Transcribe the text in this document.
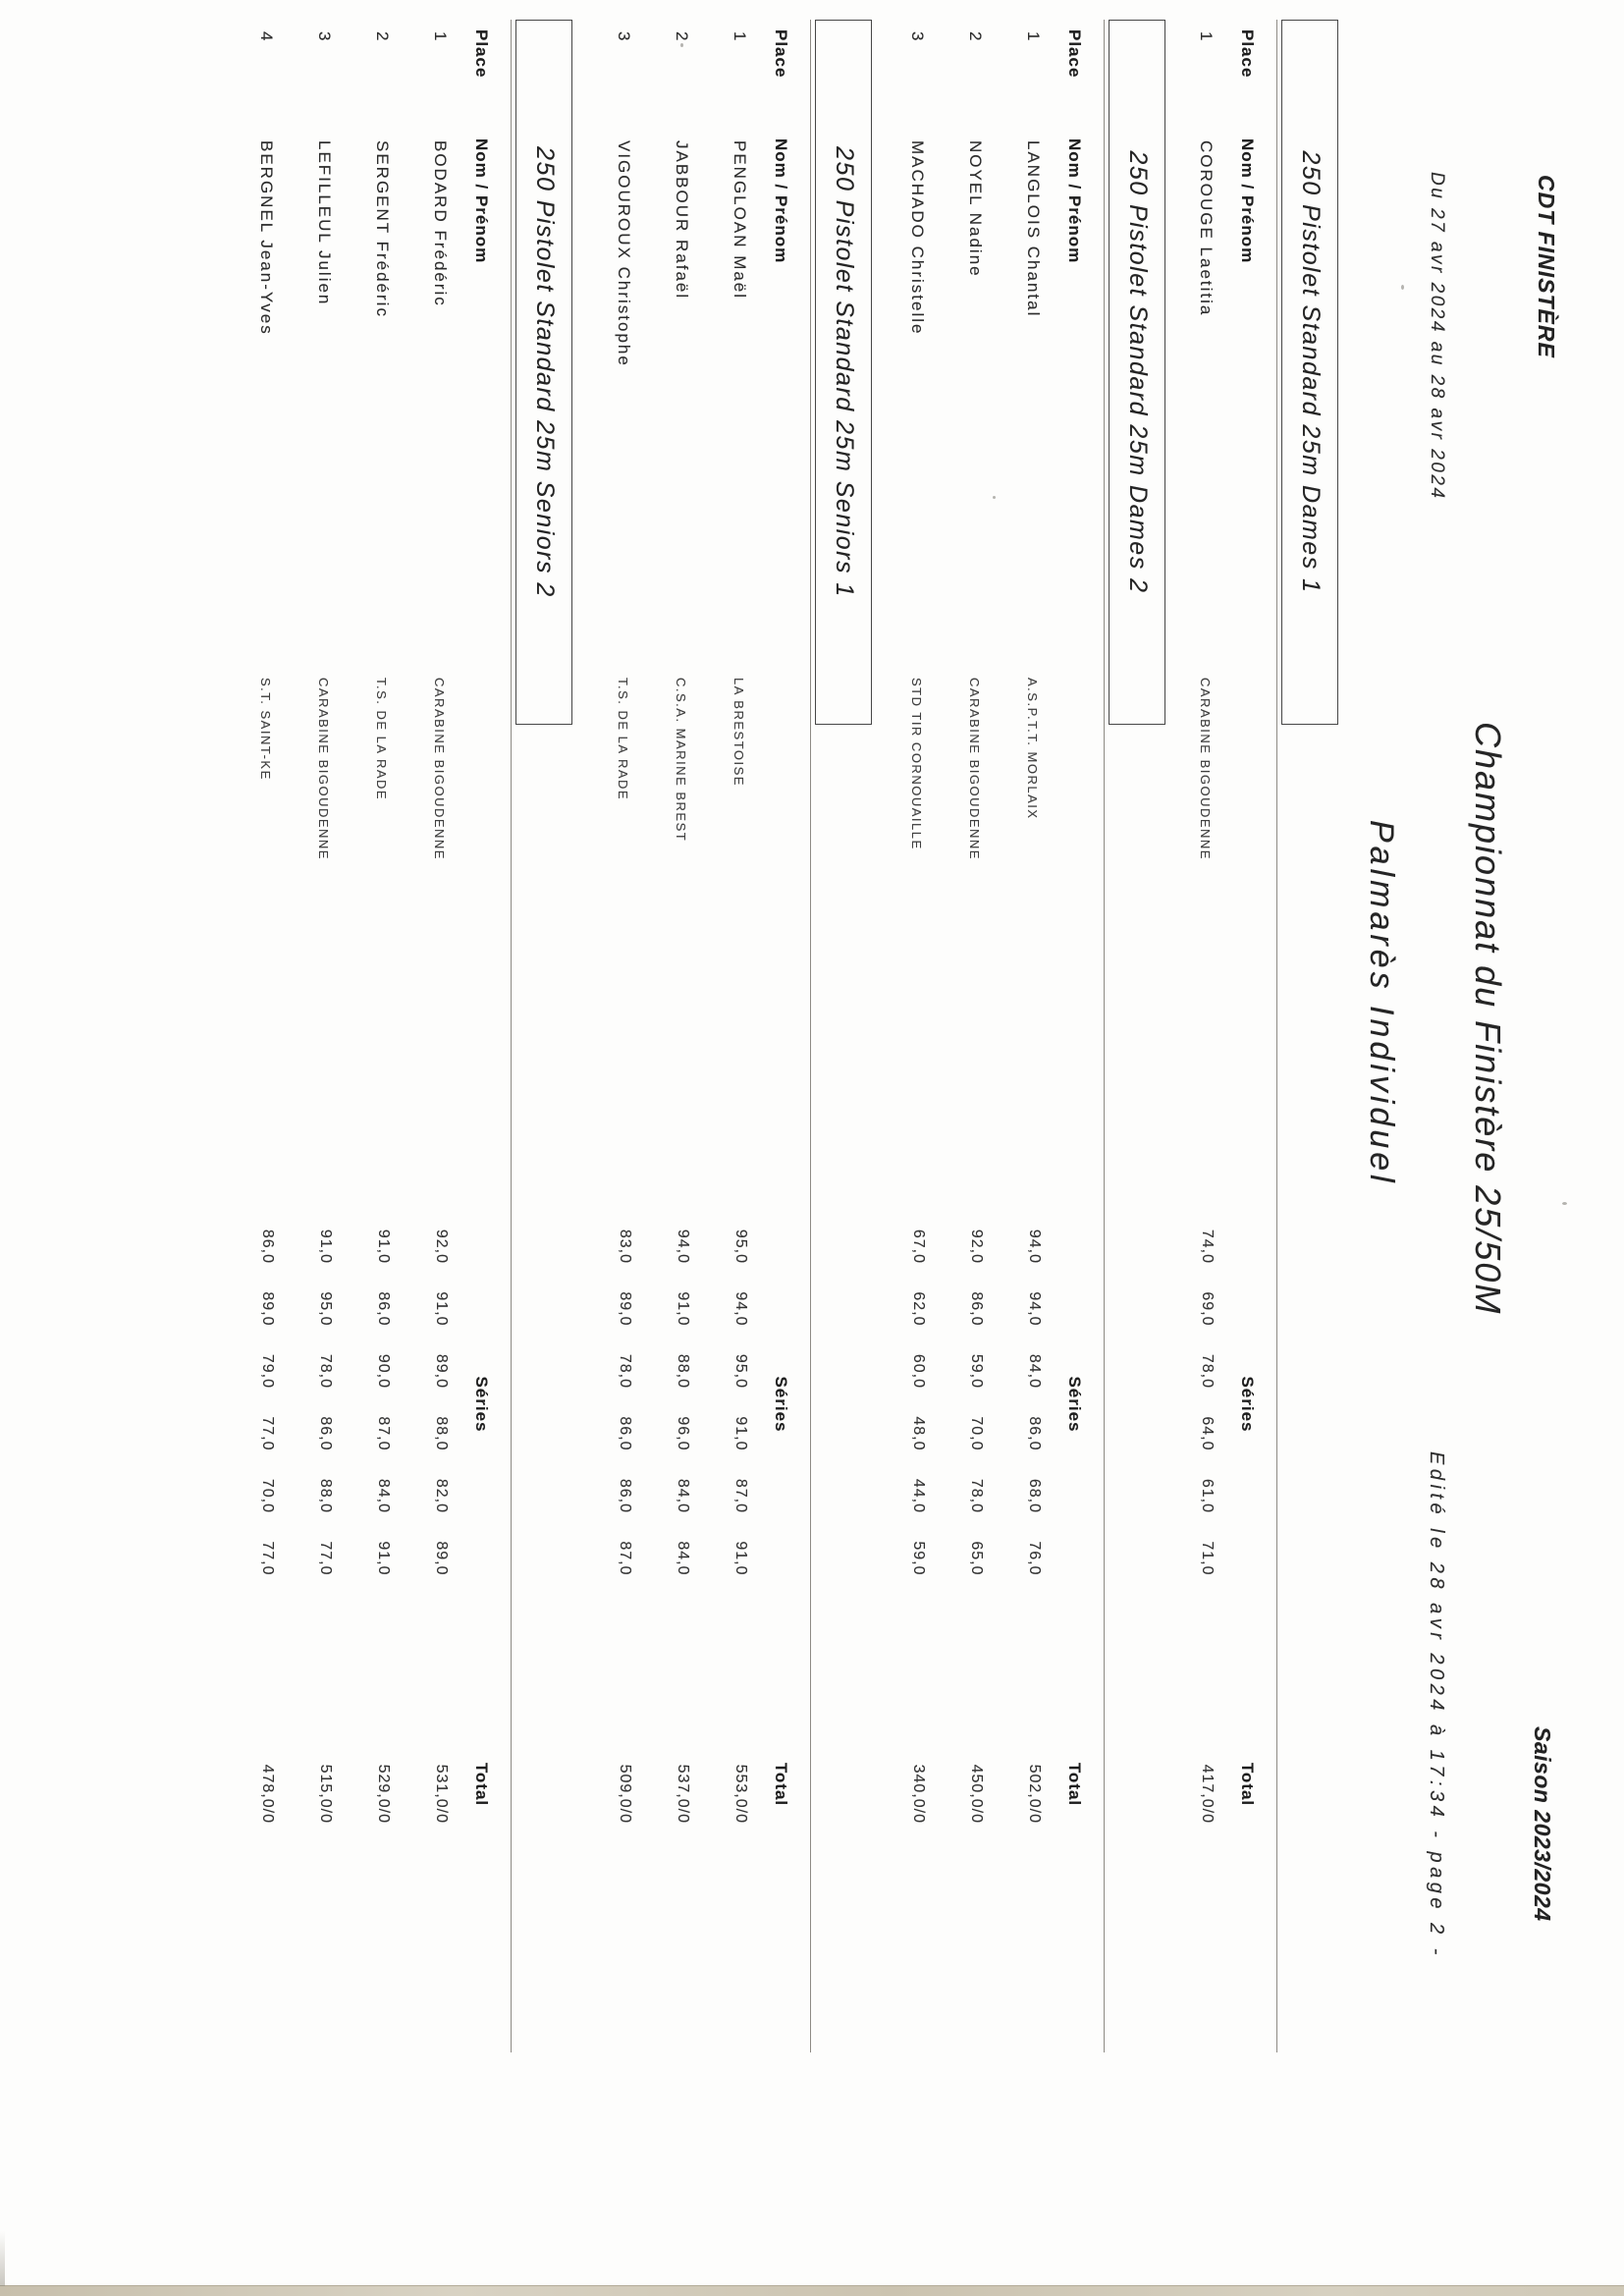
CDT FINISTÈRE
Saison 2023/2024
Championnat du Finistère 25/50M
Du 27 avr 2024 au 28 avr 2024
Edité le 28 avr 2024 à 17:34 - page 2 -
Palmarès Individuel
250 Pistolet Standard 25m Dames 1
Place
Nom / Prénom
Séries
Total
1
COROUGE Laetitia
CARABINE BIGOUDENNE
74,0
69,0
78,0
64,0
61,0
71,0
417,0/0
250 Pistolet Standard 25m Dames 2
Place
Nom / Prénom
Séries
Total
1
LANGLOIS Chantal
A.S.P.T.T. MORLAIX
94,0
94,0
84,0
86,0
68,0
76,0
502,0/0
2
NOYEL Nadine
CARABINE BIGOUDENNE
92,0
86,0
59,0
70,0
78,0
65,0
450,0/0
3
MACHADO Christelle
STD TIR CORNOUAILLE
67,0
62,0
60,0
48,0
44,0
59,0
340,0/0
250 Pistolet Standard 25m Seniors 1
Place
Nom / Prénom
Séries
Total
1
PENGLOAN Maël
LA BRESTOISE
95,0
94,0
95,0
91,0
87,0
91,0
553,0/0
2
JABBOUR Rafaël
C.S.A. MARINE BREST
94,0
91,0
88,0
96,0
84,0
84,0
537,0/0
3
VIGOUROUX Christophe
T.S. DE LA RADE
83,0
89,0
78,0
86,0
86,0
87,0
509,0/0
250 Pistolet Standard 25m Seniors 2
Place
Nom / Prénom
Séries
Total
1
BODARD Frédéric
CARABINE BIGOUDENNE
92,0
91,0
89,0
88,0
82,0
89,0
531,0/0
2
SERGENT Frédéric
T.S. DE LA RADE
91,0
86,0
90,0
87,0
84,0
91,0
529,0/0
3
LEFILLEUL Julien
CARABINE BIGOUDENNE
91,0
95,0
78,0
86,0
88,0
77,0
515,0/0
4
BERGNEL Jean-Yves
S.T. SAINT-KE
86,0
89,0
79,0
77,0
70,0
77,0
478,0/0
